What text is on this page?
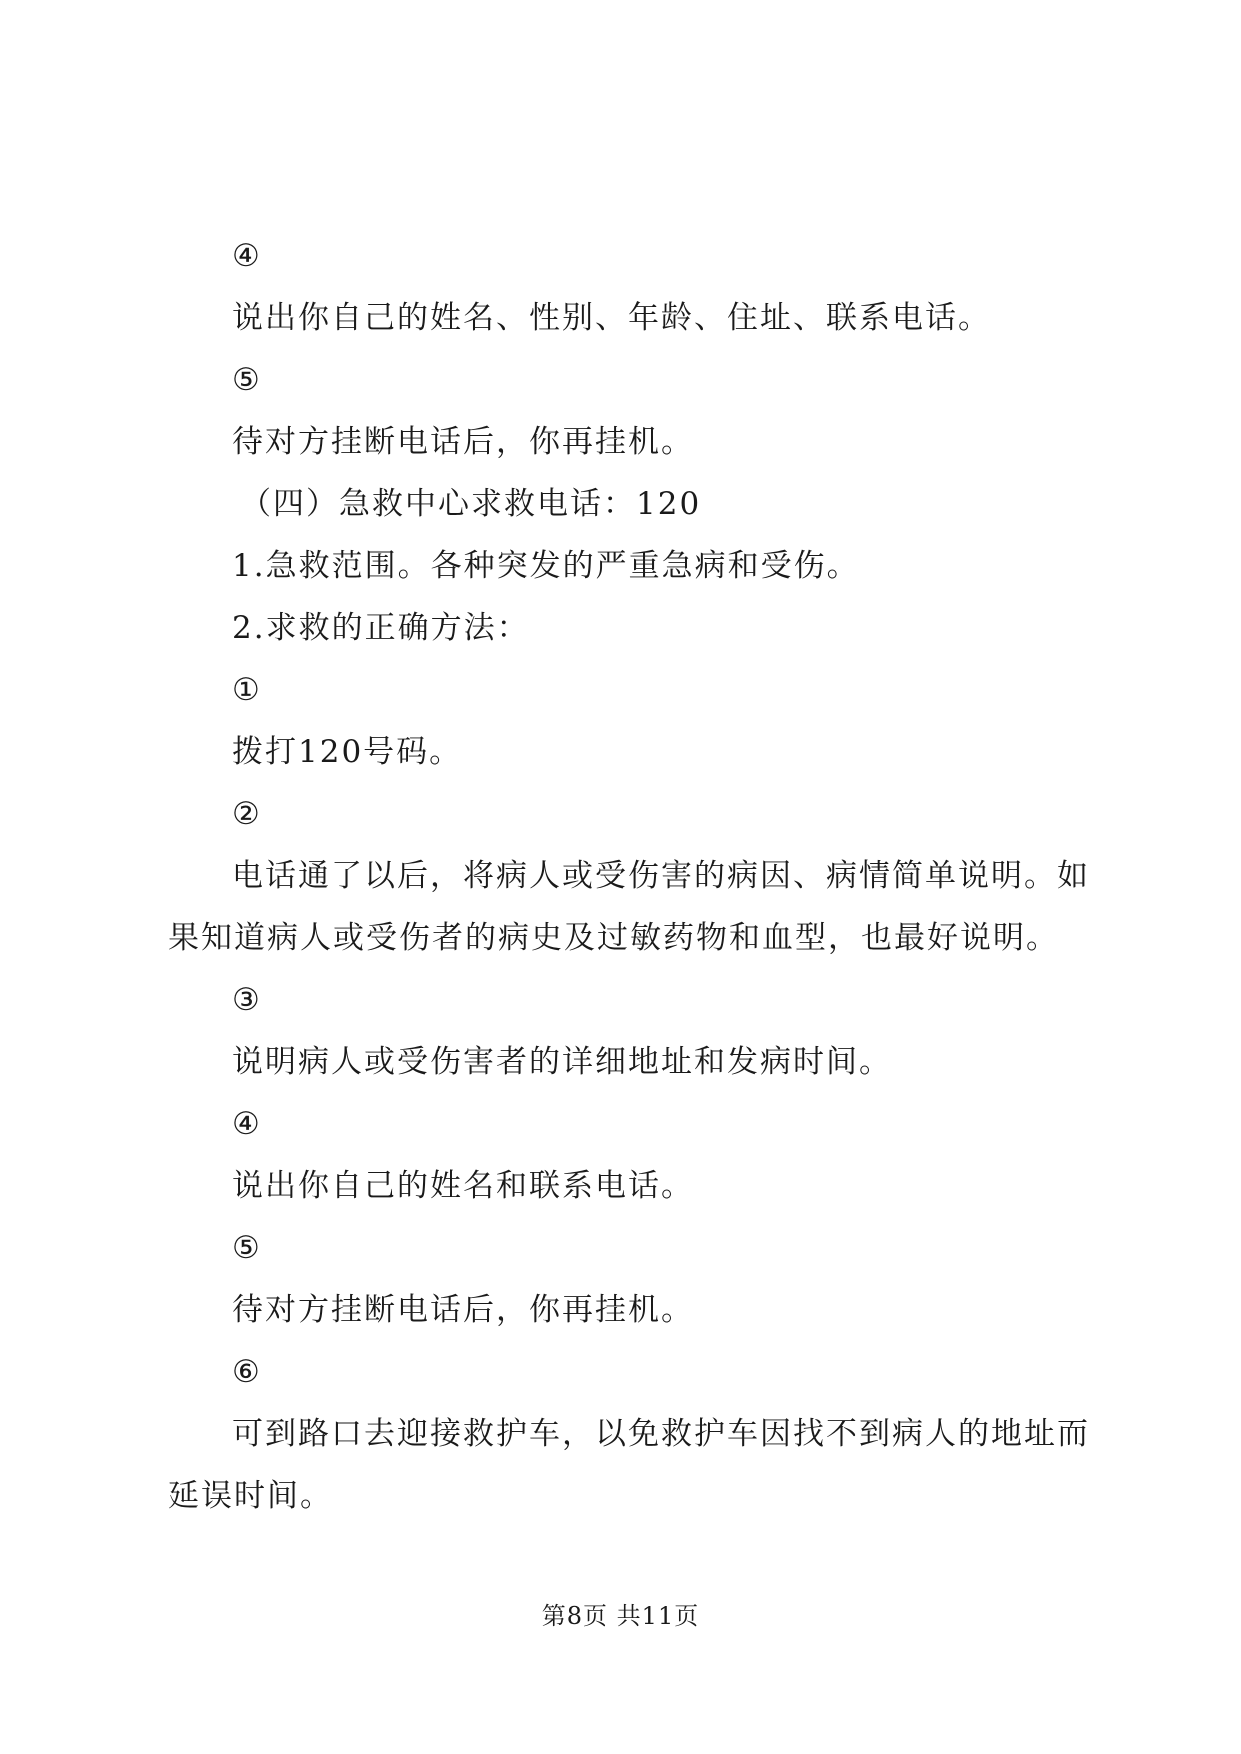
④
说出你自己的姓名、性别、年龄、住址、联系电话。
⑤
待对方挂断电话后，你再挂机。
（四）急救中心求救电话：120
1.急救范围。各种突发的严重急病和受伤。
2.求救的正确方法：
①
拨打120号码。
②
电话通了以后，将病人或受伤害的病因、病情简单说明。如
果知道病人或受伤者的病史及过敏药物和血型，也最好说明。
③
说明病人或受伤害者的详细地址和发病时间。
④
说出你自己的姓名和联系电话。
⑤
待对方挂断电话后，你再挂机。
⑥
可到路口去迎接救护车，以免救护车因找不到病人的地址而
延误时间。
第8页 共11页
